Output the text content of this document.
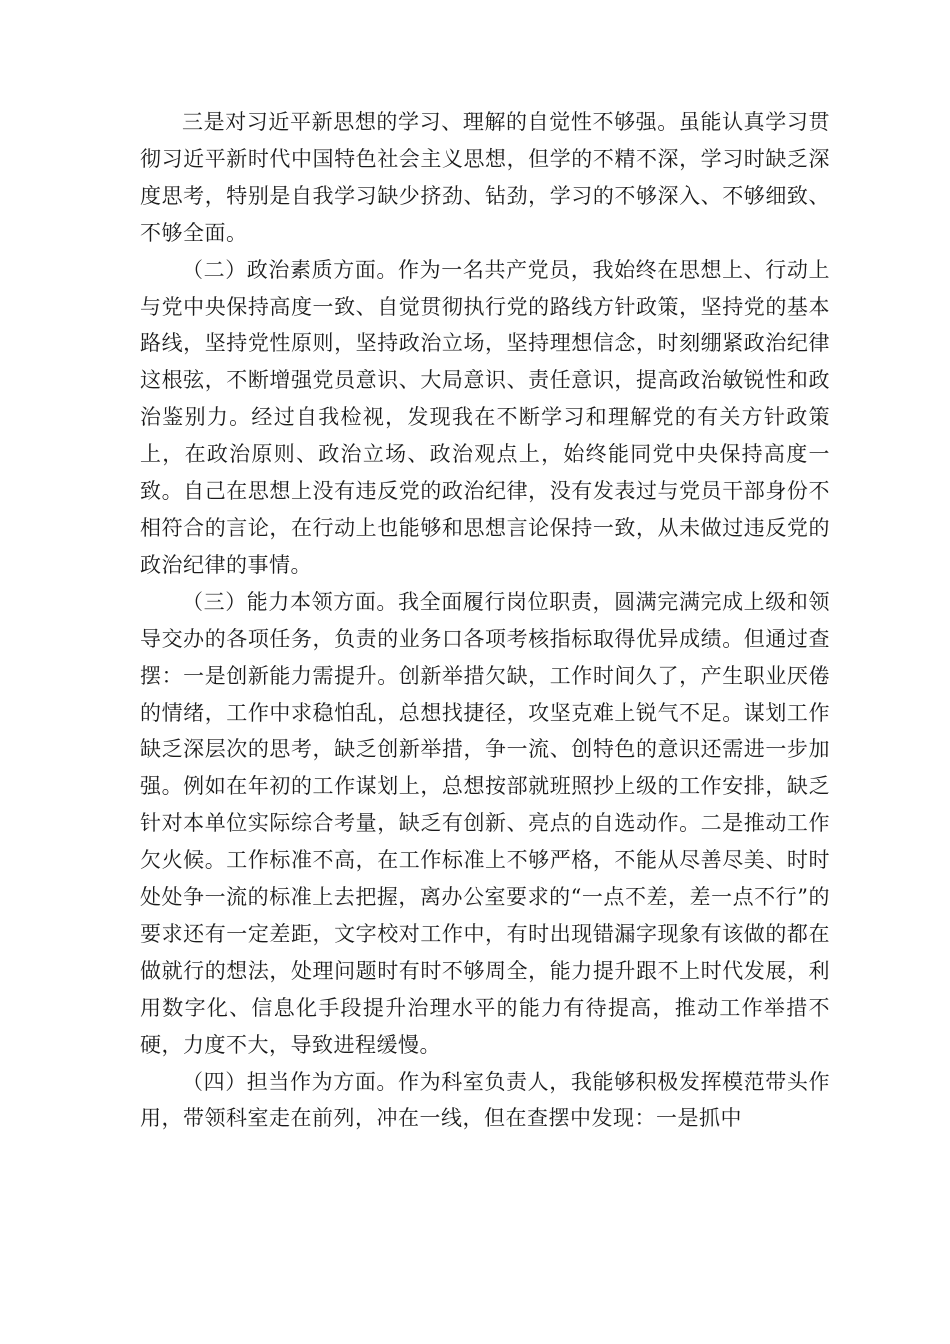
三是对习近平新思想的学习、理解的自觉性不够强。虽能认真学习贯彻习近平新时代中国特色社会主义思想，但学的不精不深，学习时缺乏深度思考，特别是自我学习缺少挤劲、钻劲，学习的不够深入、不够细致、不够全面。

（二）政治素质方面。作为一名共产党员，我始终在思想上、行动上与党中央保持高度一致、自觉贯彻执行党的路线方针政策，坚持党的基本路线，坚持党性原则，坚持政治立场，坚持理想信念，时刻绷紧政治纪律这根弦，不断增强党员意识、大局意识、责任意识，提高政治敏锐性和政治鉴别力。经过自我检视，发现我在不断学习和理解党的有关方针政策上，在政治原则、政治立场、政治观点上，始终能同党中央保持高度一致。自己在思想上没有违反党的政治纪律，没有发表过与党员干部身份不相符合的言论，在行动上也能够和思想言论保持一致，从未做过违反党的政治纪律的事情。

（三）能力本领方面。我全面履行岗位职责，圆满完满完成上级和领导交办的各项任务，负责的业务口各项考核指标取得优异成绩。但通过查摆：一是创新能力需提升。创新举措欠缺，工作时间久了，产生职业厌倦的情绪，工作中求稳怕乱，总想找捷径，攻坚克难上锐气不足。谋划工作缺乏深层次的思考，缺乏创新举措，争一流、创特色的意识还需进一步加强。例如在年初的工作谋划上，总想按部就班照抄上级的工作安排，缺乏针对本单位实际综合考量，缺乏有创新、亮点的自选动作。二是推动工作欠火候。工作标准不高，在工作标准上不够严格，不能从尽善尽美、时时处处争一流的标准上去把握，离办公室要求的“一点不差，差一点不行”的要求还有一定差距，文字校对工作中，有时出现错漏字现象有该做的都在做就行的想法，处理问题时有时不够周全，能力提升跟不上时代发展，利用数字化、信息化手段提升治理水平的能力有待提高，推动工作举措不硬，力度不大，导致进程缓慢。

（四）担当作为方面。作为科室负责人，我能够积极发挥模范带头作用，带领科室走在前列，冲在一线，但在查摆中发现：一是抓中
